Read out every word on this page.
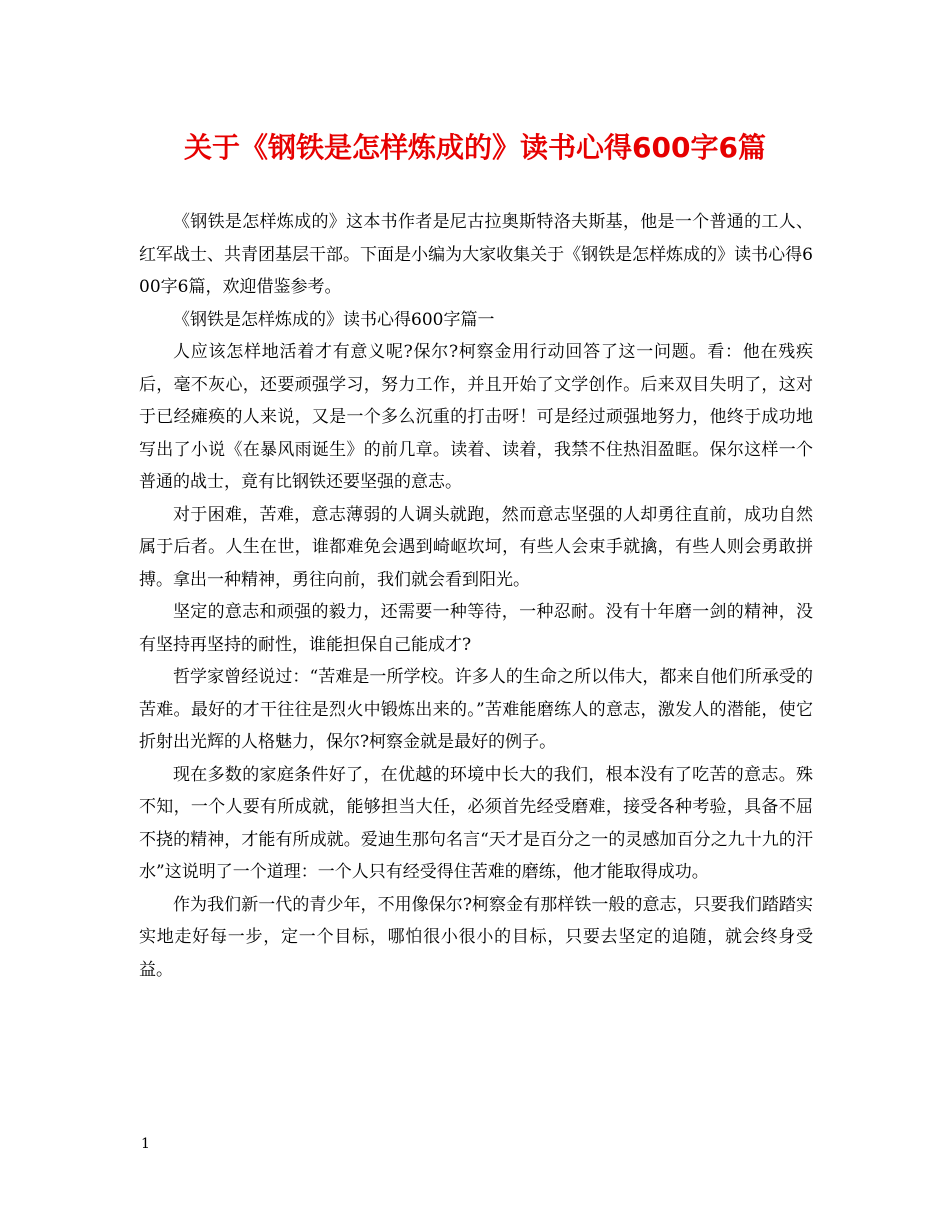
关于《钢铁是怎样炼成的》读书心得600字6篇

《钢铁是怎样炼成的》这本书作者是尼古拉奥斯特洛夫斯基，他是一个普通的工人、红军战士、共青团基层干部。下面是小编为大家收集关于《钢铁是怎样炼成的》读书心得600字6篇，欢迎借鉴参考。

《钢铁是怎样炼成的》读书心得600字篇一

人应该怎样地活着才有意义呢?保尔?柯察金用行动回答了这一问题。看：他在残疾后，毫不灰心，还要顽强学习，努力工作，并且开始了文学创作。后来双目失明了，这对于已经瘫痪的人来说，又是一个多么沉重的打击呀！可是经过顽强地努力，他终于成功地写出了小说《在暴风雨诞生》的前几章。读着、读着，我禁不住热泪盈眶。保尔这样一个普通的战士，竟有比钢铁还要坚强的意志。

对于困难，苦难，意志薄弱的人调头就跑，然而意志坚强的人却勇往直前，成功自然属于后者。人生在世，谁都难免会遇到崎岖坎坷，有些人会束手就擒，有些人则会勇敢拼搏。拿出一种精神，勇往向前，我们就会看到阳光。

坚定的意志和顽强的毅力，还需要一种等待，一种忍耐。没有十年磨一剑的精神，没有坚持再坚持的耐性，谁能担保自己能成才?

哲学家曾经说过：“苦难是一所学校。许多人的生命之所以伟大，都来自他们所承受的苦难。最好的才干往往是烈火中锻炼出来的。”苦难能磨练人的意志，激发人的潜能，使它折射出光辉的人格魅力，保尔?柯察金就是最好的例子。

现在多数的家庭条件好了，在优越的环境中长大的我们，根本没有了吃苦的意志。殊不知，一个人要有所成就，能够担当大任，必须首先经受磨难，接受各种考验，具备不屈不挠的精神，才能有所成就。爱迪生那句名言“天才是百分之一的灵感加百分之九十九的汗水”这说明了一个道理：一个人只有经受得住苦难的磨练，他才能取得成功。

作为我们新一代的青少年，不用像保尔?柯察金有那样铁一般的意志，只要我们踏踏实实地走好每一步，定一个目标，哪怕很小很小的目标，只要去坚定的追随，就会终身受益。

1
